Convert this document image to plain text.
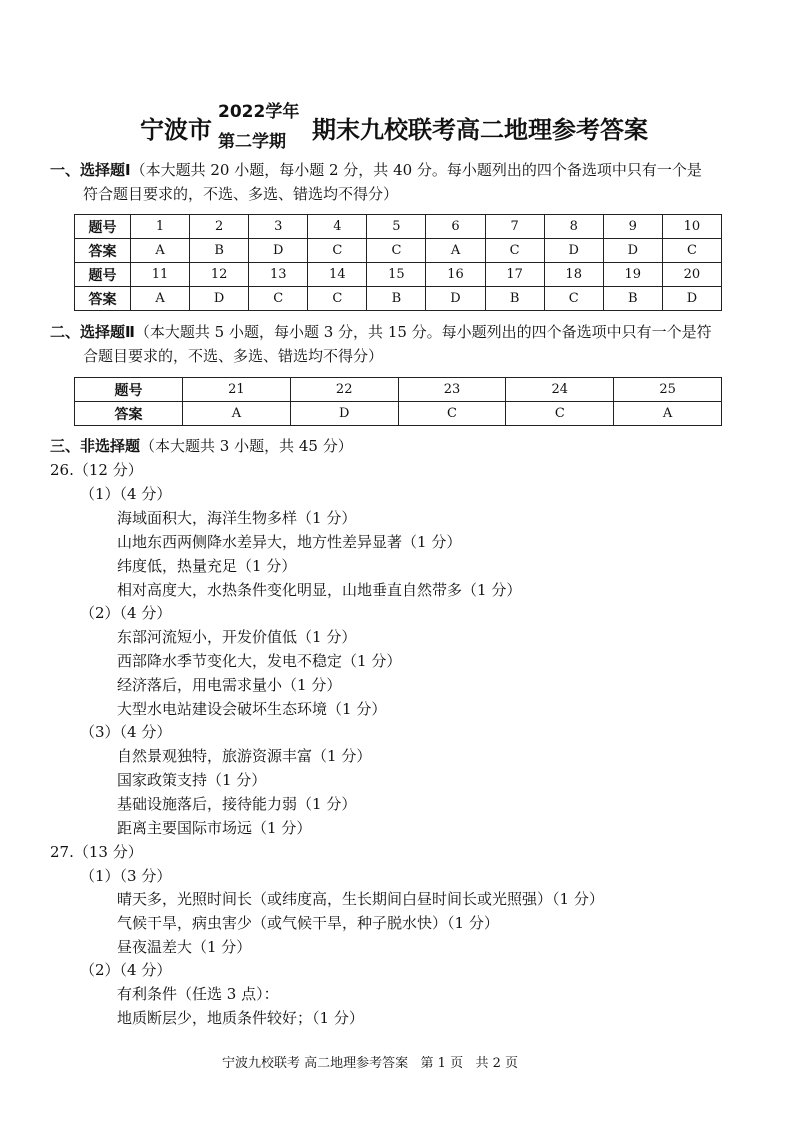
宁波市
2022学年
第二学期 期末九校联考高二地理参考答案
一、选择题Ⅰ（本大题共 20 小题，每小题 2 分，共 40 分。每小题列出的四个备选项中只有一个是
符合题目要求的，不选、多选、错选均不得分）
题号	1	2	3	4	5	6	7	8	9	10
答案	A	B	D	C	C	A	C	D	D	C
题号	11	12	13	14	15	16	17	18	19	20
答案	A	D	C	C	B	D	B	C	B	D
二、选择题Ⅱ（本大题共 5 小题，每小题 3 分，共 15 分。每小题列出的四个备选项中只有一个是符
合题目要求的，不选、多选、错选均不得分）
题号	21	22	23	24	25
答案	A	D	C	C	A
三、非选择题（本大题共 3 小题，共 45 分）
26.（12 分）
（1）（4 分）
海域面积大，海洋生物多样（1 分）
山地东西两侧降水差异大，地方性差异显著（1 分）
纬度低，热量充足（1 分）
相对高度大，水热条件变化明显，山地垂直自然带多（1 分）
（2）（4 分）
东部河流短小，开发价值低（1 分）
西部降水季节变化大，发电不稳定（1 分）
经济落后，用电需求量小（1 分）
大型水电站建设会破坏生态环境（1 分）
（3）（4 分）
自然景观独特，旅游资源丰富（1 分）
国家政策支持（1 分）
基础设施落后，接待能力弱（1 分）
距离主要国际市场远（1 分）
27.（13 分）
（1）（3 分）
晴天多，光照时间长（或纬度高，生长期间白昼时间长或光照强）（1 分）
气候干旱，病虫害少（或气候干旱，种子脱水快）（1 分）
昼夜温差大（1 分）
（2）（4 分）
有利条件（任选 3 点）：
地质断层少，地质条件较好；（1 分）
宁波九校联考 高二地理参考答案 第 1 页 共 2 页
